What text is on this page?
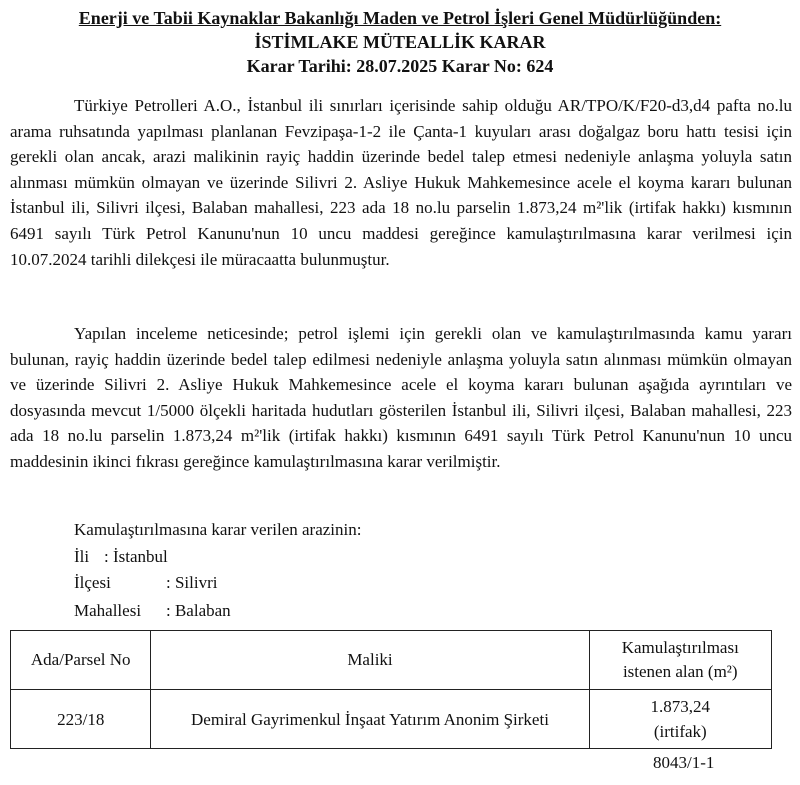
Enerji ve Tabii Kaynaklar Bakanlığı Maden ve Petrol İşleri Genel Müdürlüğünden:
İSTİMLAKE MÜTEALLİK KARAR
Karar Tarihi: 28.07.2025 Karar No: 624
Türkiye Petrolleri A.O., İstanbul ili sınırları içerisinde sahip olduğu AR/TPO/K/F20-d3,d4 pafta no.lu arama ruhsatında yapılması planlanan Fevzipaşa-1-2 ile Çanta-1 kuyuları arası doğalgaz boru hattı tesisi için gerekli olan ancak, arazi malikinin rayiç haddin üzerinde bedel talep etmesi nedeniyle anlaşma yoluyla satın alınması mümkün olmayan ve üzerinde Silivri 2. Asliye Hukuk Mahkemesince acele el koyma kararı bulunan İstanbul ili, Silivri ilçesi, Balaban mahallesi, 223 ada 18 no.lu parselin 1.873,24 m²'lik (irtifak hakkı) kısmının 6491 sayılı Türk Petrol Kanunu'nun 10 uncu maddesi gereğince kamulaştırılmasına karar verilmesi için 10.07.2024 tarihli dilekçesi ile müracaatta bulunmuştur.
Yapılan inceleme neticesinde; petrol işlemi için gerekli olan ve kamulaştırılmasında kamu yararı bulunan, rayiç haddin üzerinde bedel talep edilmesi nedeniyle anlaşma yoluyla satın alınması mümkün olmayan ve üzerinde Silivri 2. Asliye Hukuk Mahkemesince acele el koyma kararı bulunan aşağıda ayrıntıları ve dosyasında mevcut 1/5000 ölçekli haritada hudutları gösterilen İstanbul ili, Silivri ilçesi, Balaban mahallesi, 223 ada 18 no.lu parselin 1.873,24 m²'lik (irtifak hakkı) kısmının 6491 sayılı Türk Petrol Kanunu'nun 10 uncu maddesinin ikinci fıkrası gereğince kamulaştırılmasına karar verilmiştir.
Kamulaştırılmasına karar verilen arazinin:
İli : İstanbul
İlçesi	: Silivri
Mahallesi : Balaban
Ada/Parsel No	Maliki	Kamulaştırılması
istenen alan (m²)

223/18	Demiral Gayrimenkul İnşaat Yatırım Anonim Şirketi	1.873,24
(irtifak)
8043/1-1
